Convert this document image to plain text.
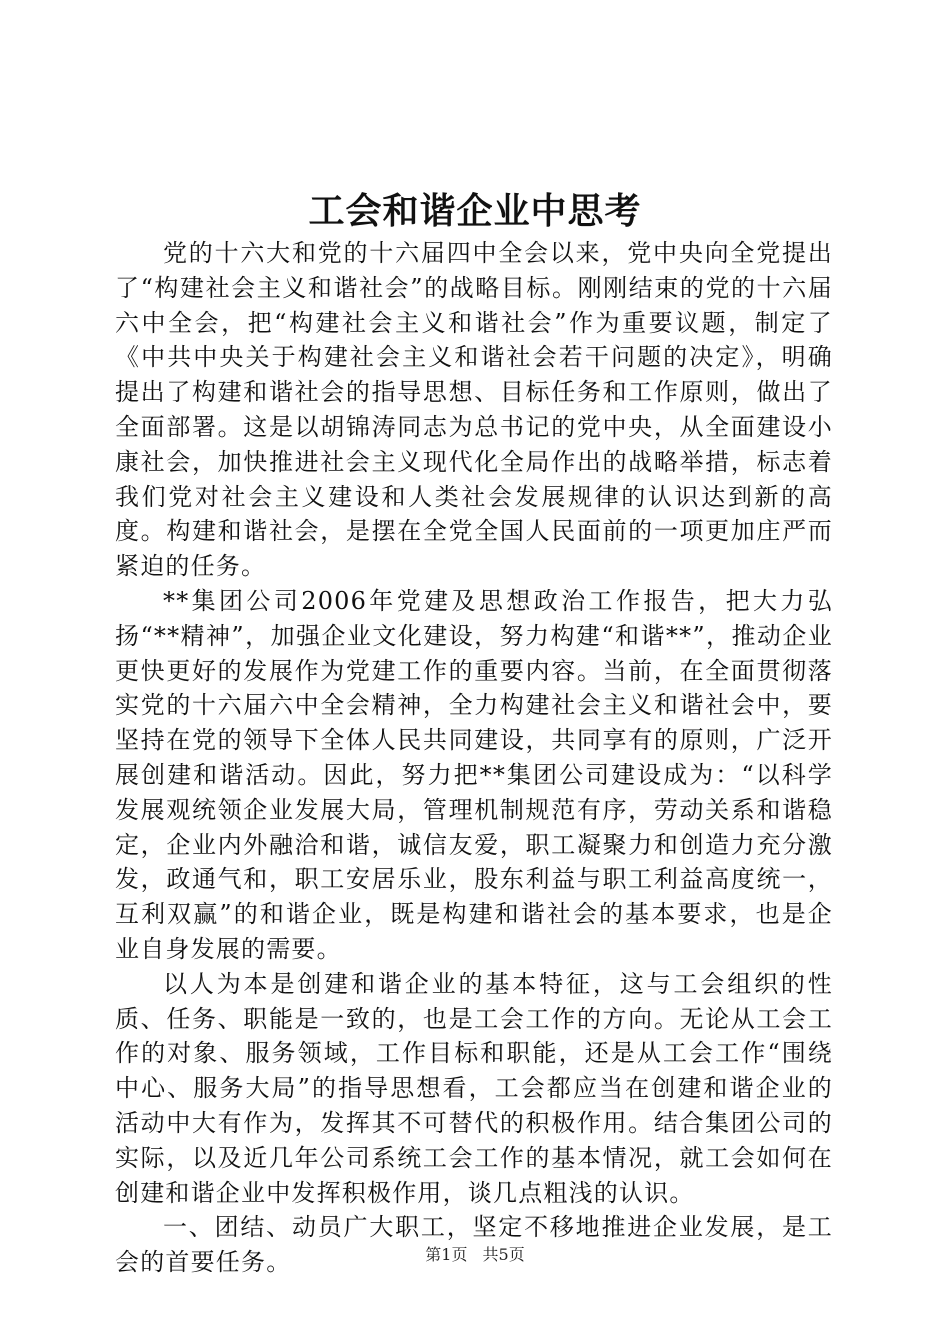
工会和谐企业中思考

党的十六大和党的十六届四中全会以来，党中央向全党提出了“构建社会主义和谐社会”的战略目标。刚刚结束的党的十六届六中全会，把“构建社会主义和谐社会”作为重要议题，制定了《中共中央关于构建社会主义和谐社会若干问题的决定》，明确提出了构建和谐社会的指导思想、目标任务和工作原则，做出了全面部署。这是以胡锦涛同志为总书记的党中央，从全面建设小康社会，加快推进社会主义现代化全局作出的战略举措，标志着我们党对社会主义建设和人类社会发展规律的认识达到新的高度。构建和谐社会，是摆在全党全国人民面前的一项更加庄严而紧迫的任务。

**集团公司2006年党建及思想政治工作报告，把大力弘扬“**精神”，加强企业文化建设，努力构建“和谐**”，推动企业更快更好的发展作为党建工作的重要内容。当前，在全面贯彻落实党的十六届六中全会精神，全力构建社会主义和谐社会中，要坚持在党的领导下全体人民共同建设，共同享有的原则，广泛开展创建和谐活动。因此，努力把**集团公司建设成为：“以科学发展观统领企业发展大局，管理机制规范有序，劳动关系和谐稳定，企业内外融洽和谐，诚信友爱，职工凝聚力和创造力充分激发，政通气和，职工安居乐业，股东利益与职工利益高度统一，互利双赢”的和谐企业，既是构建和谐社会的基本要求，也是企业自身发展的需要。

以人为本是创建和谐企业的基本特征，这与工会组织的性质、任务、职能是一致的，也是工会工作的方向。无论从工会工作的对象、服务领域，工作目标和职能，还是从工会工作“围绕中心、服务大局”的指导思想看，工会都应当在创建和谐企业的活动中大有作为，发挥其不可替代的积极作用。结合集团公司的实际，以及近几年公司系统工会工作的基本情况，就工会如何在创建和谐企业中发挥积极作用，谈几点粗浅的认识。

一、团结、动员广大职工，坚定不移地推进企业发展，是工会的首要任务。	第1页 共5页
